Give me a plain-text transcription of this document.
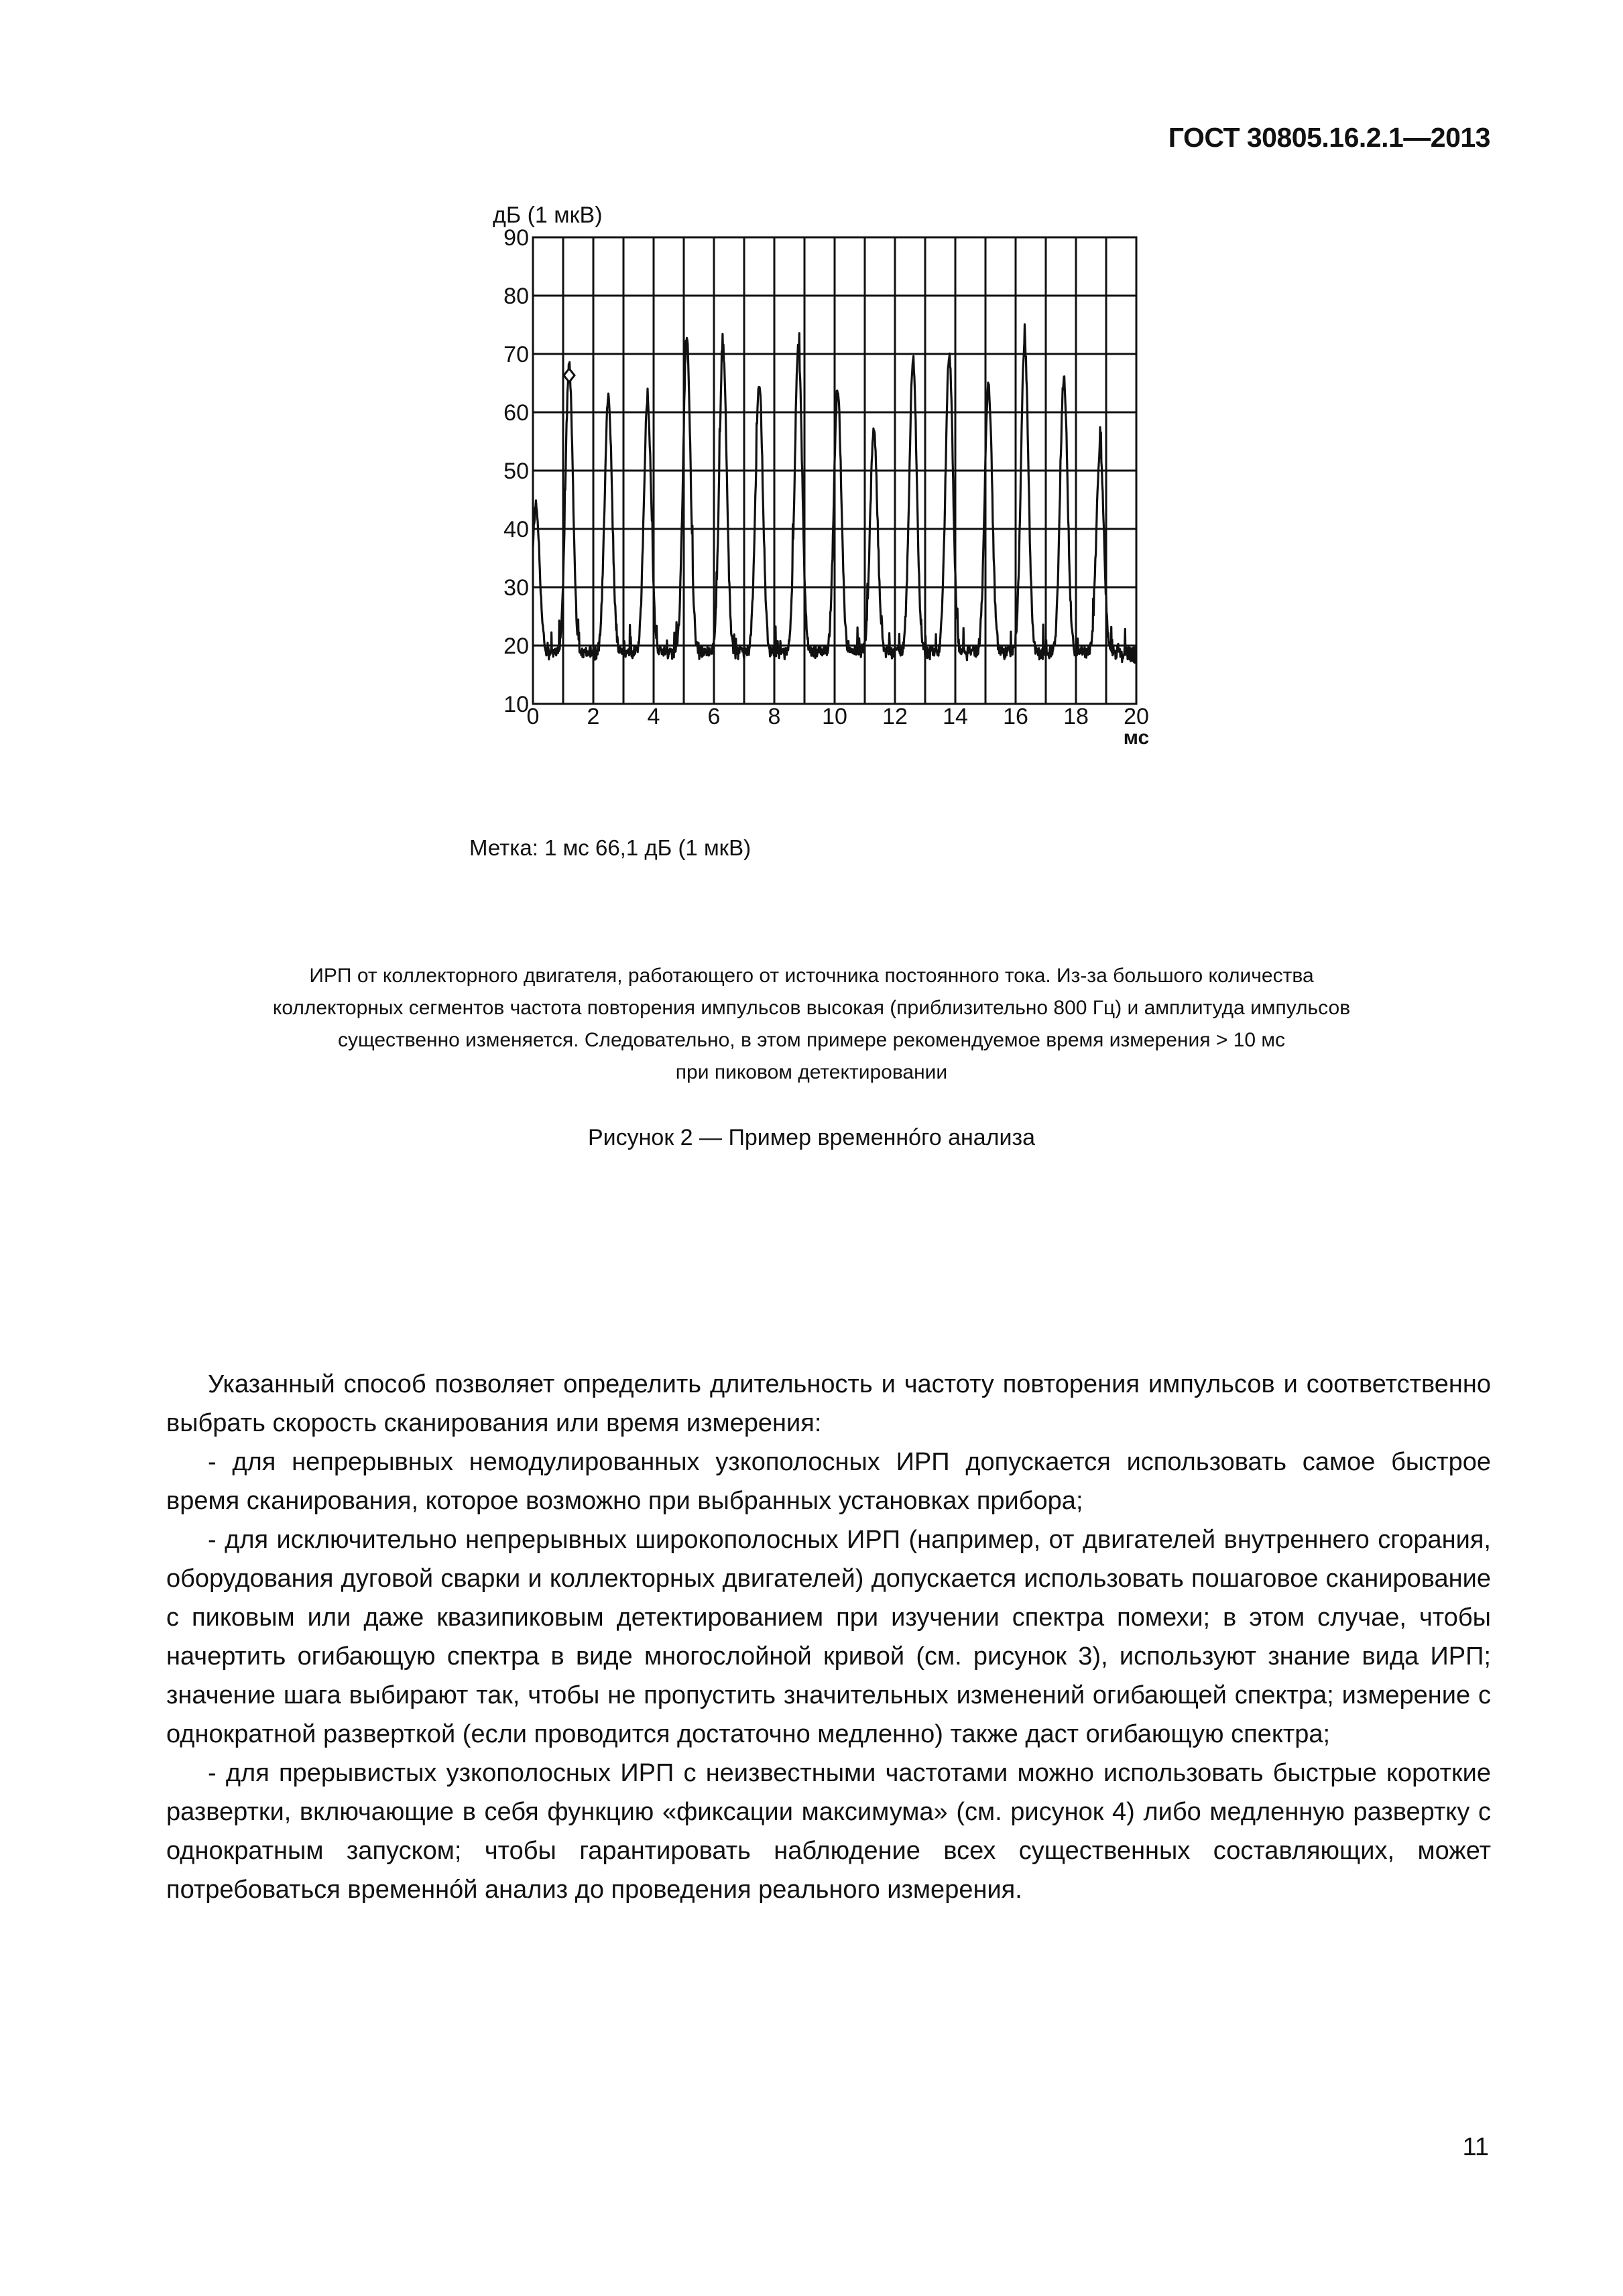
ГОСТ 30805.16.2.1—2013
10
20
30
40
50
60
70
80
90
0 2 4 6 8 10 12 14 16 18 20
дБ (1 мкВ)
мс
Метка: 1 мс 66,1 дБ (1 мкВ)
ИРП от коллекторного двигателя, работающего от источника постоянного тока. Из-за большого количества
коллекторных сегментов частота повторения импульсов высокая (приблизительно 800 Гц) и амплитуда импульсов
существенно изменяется. Следовательно, в этом примере рекомендуемое время измерения > 10 мс
при пиковом детектировании
Рисунок 2 — Пример временнóго анализа

Указанный способ позволяет определить длительность и частоту повторения импульсов и соответственно выбрать скорость сканирования или время измерения:

- для непрерывных немодулированных узкополосных ИРП допускается использовать самое быстрое время сканирования, которое возможно при выбранных установках прибора;

- для исключительно непрерывных широкополосных ИРП (например, от двигателей внутреннего сгорания, оборудования дуговой сварки и коллекторных двигателей) допускается использовать пошаговое сканирование с пиковым или даже квазипиковым детектированием при изучении спектра помехи; в этом случае, чтобы начертить огибающую спектра в виде многослойной кривой (см. рисунок 3), используют знание вида ИРП; значение шага выбирают так, чтобы не пропустить значительных изменений огибающей спектра; измерение с однократной разверткой (если проводится достаточно медленно) также даст огибающую спектра;

- для прерывистых узкополосных ИРП с неизвестными частотами можно использовать быстрые короткие развертки, включающие в себя функцию «фиксации максимума» (см. рисунок 4) либо медленную развертку с однократным запуском; чтобы гарантировать наблюдение всех существенных составляющих, может потребоваться временнóй анализ до проведения реального измерения.

11
